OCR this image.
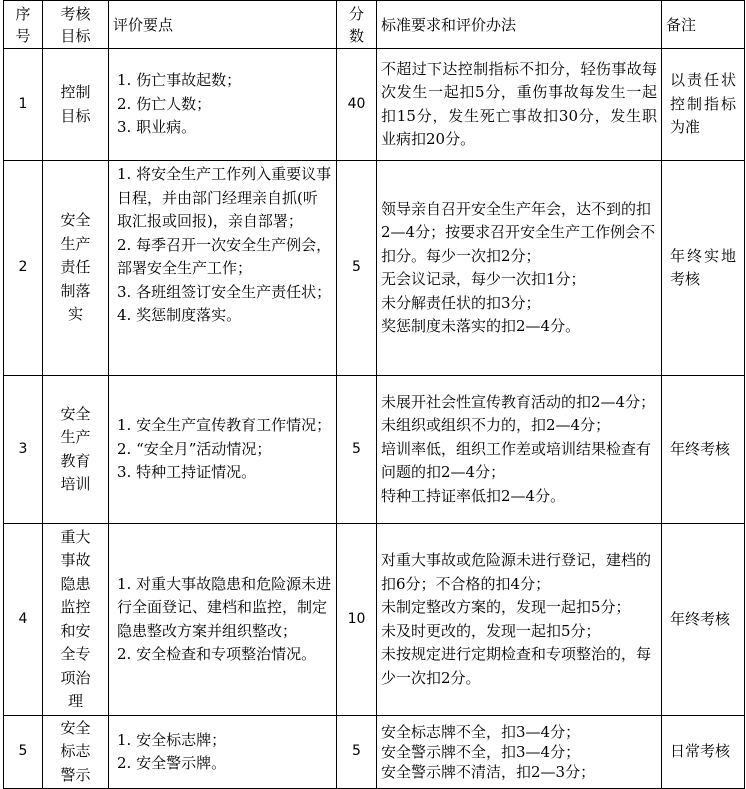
序号	考核目标	评价要点	分数	标准要求和评价办法	备注
1	控制目标	1. 伤亡事故起数；
2. 伤亡人数；
3. 职业病。	40	不超过下达控制指标不扣分，轻伤事故每次发生一起扣5分，重伤事故每发生一起扣15分，发生死亡事故扣30分，发生职业病扣20分。	以责任状控制指标为准
2	安全生产责任制落实	1. 将安全生产工作列入重要议事日程，并由部门经理亲自抓(听取汇报或回报)，亲自部署；
2. 每季召开一次安全生产例会，部署安全生产工作；
3. 各班组签订安全生产责任状；
4. 奖惩制度落实。	5	领导亲自召开安全生产年会，达不到的扣2—4分；按要求召开安全生产工作例会不扣分。每少一次扣2分；
无会议记录，每少一次扣1分；
未分解责任状的扣3分；
奖惩制度未落实的扣2—4分。	年终实地考核
3	安全生产教育培训	1. 安全生产宣传教育工作情况；
2. “安全月”活动情况；
3. 特种工持证情况。	5	未展开社会性宣传教育活动的扣2—4分；
未组织或组织不力的，扣2—4分；
培训率低，组织工作差或培训结果检查有问题的扣2—4分；
特种工持证率低扣2—4分。	年终考核
4	重大事故隐患监控和安全专项治理	1. 对重大事故隐患和危险源未进行全面登记、建档和监控，制定隐患整改方案并组织整改；
2. 安全检查和专项整治情况。	10	对重大事故或危险源未进行登记，建档的扣6分；不合格的扣4分；
未制定整改方案的，发现一起扣5分；
未及时更改的，发现一起扣5分；
未按规定进行定期检查和专项整治的，每少一次扣2分。	年终考核
5	安全标志警示	1. 安全标志牌；
2. 安全警示牌。	5	安全标志牌不全，扣3—4分；
安全警示牌不全，扣3—4分；
安全警示牌不清洁，扣2—3分；	日常考核
